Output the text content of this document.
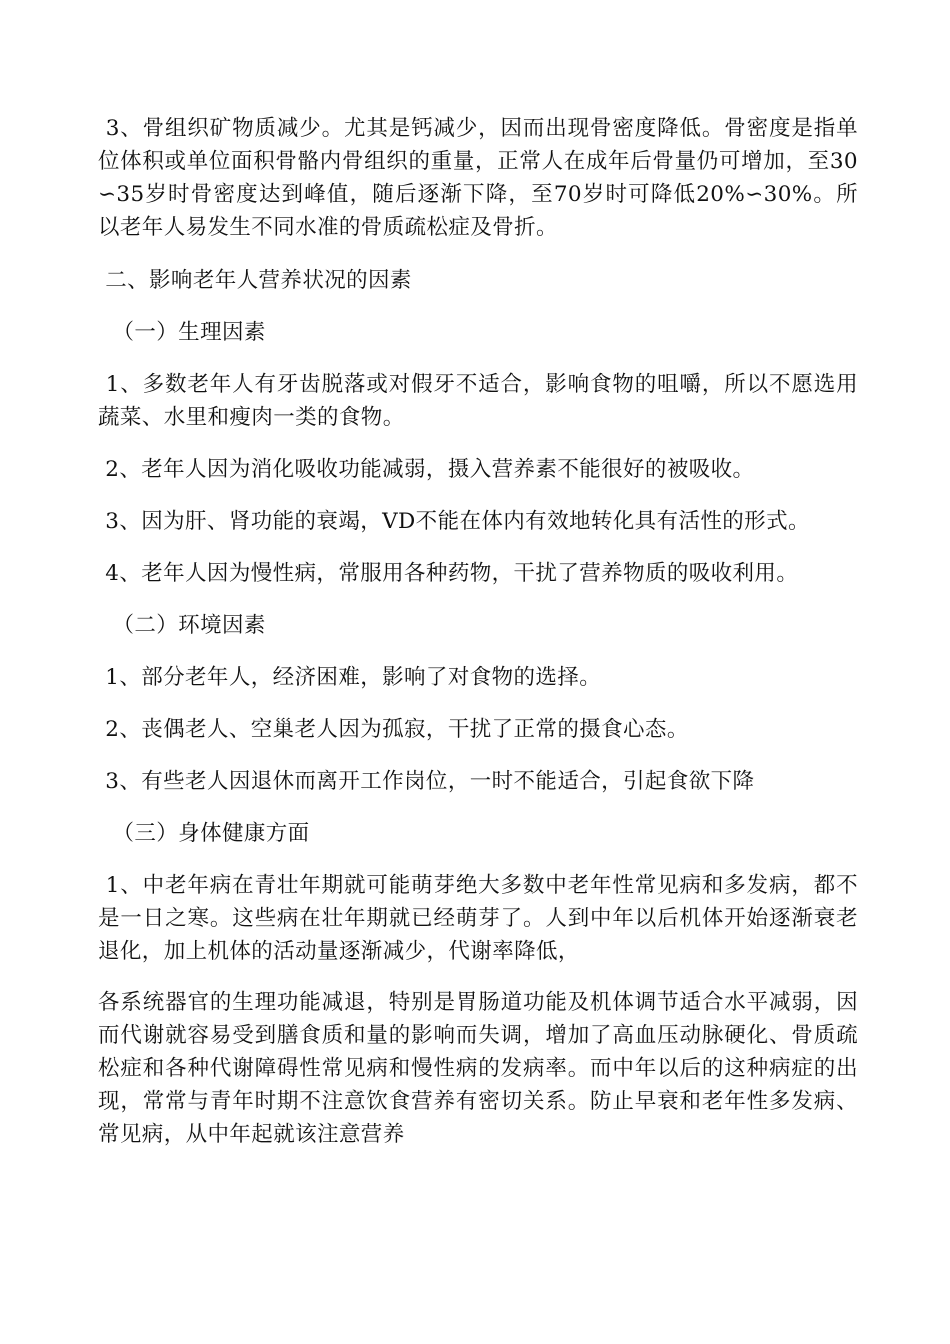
3、骨组织矿物质减少。尤其是钙减少，因而出现骨密度降低。骨密度是指单位体积或单位面积骨骼内骨组织的重量，正常人在成年后骨量仍可增加，至30∽35岁时骨密度达到峰值，随后逐渐下降，至70岁时可降低20%∽30%。所以老年人易发生不同水准的骨质疏松症及骨折。

二、影响老年人营养状况的因素

（一）生理因素

1、多数老年人有牙齿脱落或对假牙不适合，影响食物的咀嚼，所以不愿选用蔬菜、水里和瘦肉一类的食物。

2、老年人因为消化吸收功能减弱，摄入营养素不能很好的被吸收。

3、因为肝、肾功能的衰竭，VD不能在体内有效地转化具有活性的形式。

4、老年人因为慢性病，常服用各种药物，干扰了营养物质的吸收利用。

（二）环境因素

1、部分老年人，经济困难，影响了对食物的选择。

2、丧偶老人、空巢老人因为孤寂，干扰了正常的摄食心态。

3、有些老人因退休而离开工作岗位，一时不能适合，引起食欲下降

（三）身体健康方面

1、中老年病在青壮年期就可能萌芽绝大多数中老年性常见病和多发病，都不是一日之寒。这些病在壮年期就已经萌芽了。人到中年以后机体开始逐渐衰老退化，加上机体的活动量逐渐减少，代谢率降低，

各系统器官的生理功能减退，特别是胃肠道功能及机体调节适合水平减弱，因而代谢就容易受到膳食质和量的影响而失调，增加了高血压动脉硬化、骨质疏松症和各种代谢障碍性常见病和慢性病的发病率。而中年以后的这种病症的出现，常常与青年时期不注意饮食营养有密切关系。防止早衰和老年性多发病、常见病，从中年起就该注意营养
